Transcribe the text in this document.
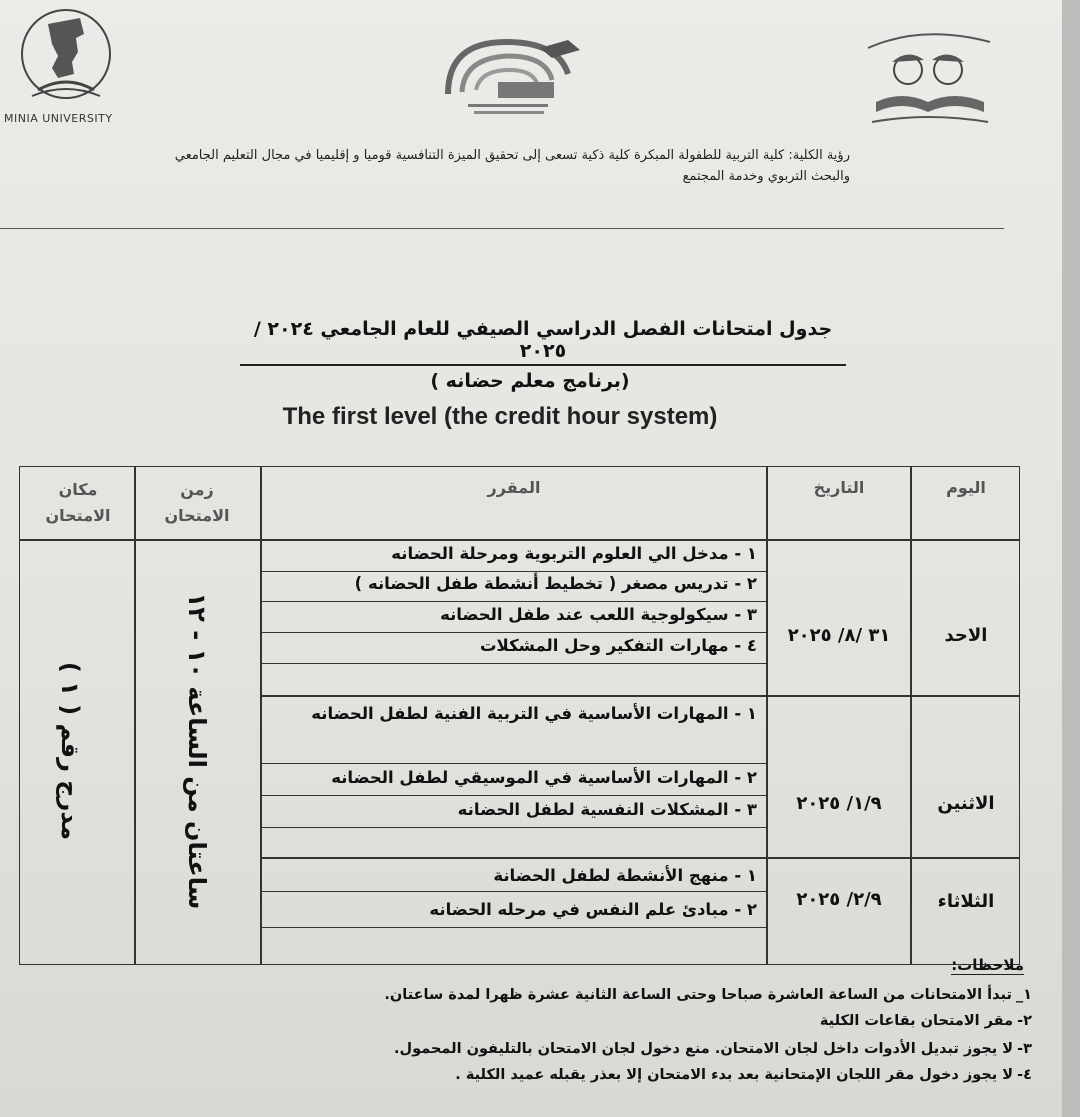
MINIA UNIVERSITY
رؤية الكلية: كلية التربية للطفولة المبكرة كلية ذكية تسعى إلى تحقيق الميزة التنافسية قوميا و إقليميا في مجال التعليم الجامعي
والبحث التربوي وخدمة المجتمع
جدول امتحانات الفصل الدراسي الصيفي للعام الجامعي ٢٠٢٤ / ٢٠٢٥
(برنامج معلم حضانه )
The first level (the credit hour system)
اليوم
التاريخ
المقرر
زمن الامتحان
مكان الامتحان
الاحد
٣١ /٨/ ٢٠٢٥
١ - مدخل الي العلوم التربوية ومرحلة الحضانه
٢ - تدريس مصغر ( تخطيط أنشطة طفل الحضانه )
٣ - سيكولوجية اللعب عند طفل الحضانه
٤ - مهارات التفكير وحل المشكلات
الاثنين
١/٩/ ٢٠٢٥
١ - المهارات الأساسية في التربية الفنية لطفل الحضانه
٢ - المهارات الأساسية في الموسيقي لطفل الحضانه
٣ - المشكلات النفسية لطفل الحضانه
الثلاثاء
٢/٩/ ٢٠٢٥
١ - منهج الأنشطة لطفل الحضانة
٢ - مبادئ علم النفس في مرحله الحضانه
ساعتان من الساعة ١٠ - ١٢
مدرج رقم ( ١ )
ملاحظات:
١_تبدأ الامتحانات من الساعة العاشرة صباحا وحتى الساعة الثانية عشرة ظهرا لمدة ساعتان.
٢-مقر الامتحان بقاعات الكلية
٣-لا يجوز تبديل الأدوات داخل لجان الامتحان. منع دخول لجان الامتحان بالتليفون المحمول.
٤-لا يجوز دخول مقر اللجان الإمتحانية بعد بدء الامتحان إلا بعذر يقبله عميد الكلية .
